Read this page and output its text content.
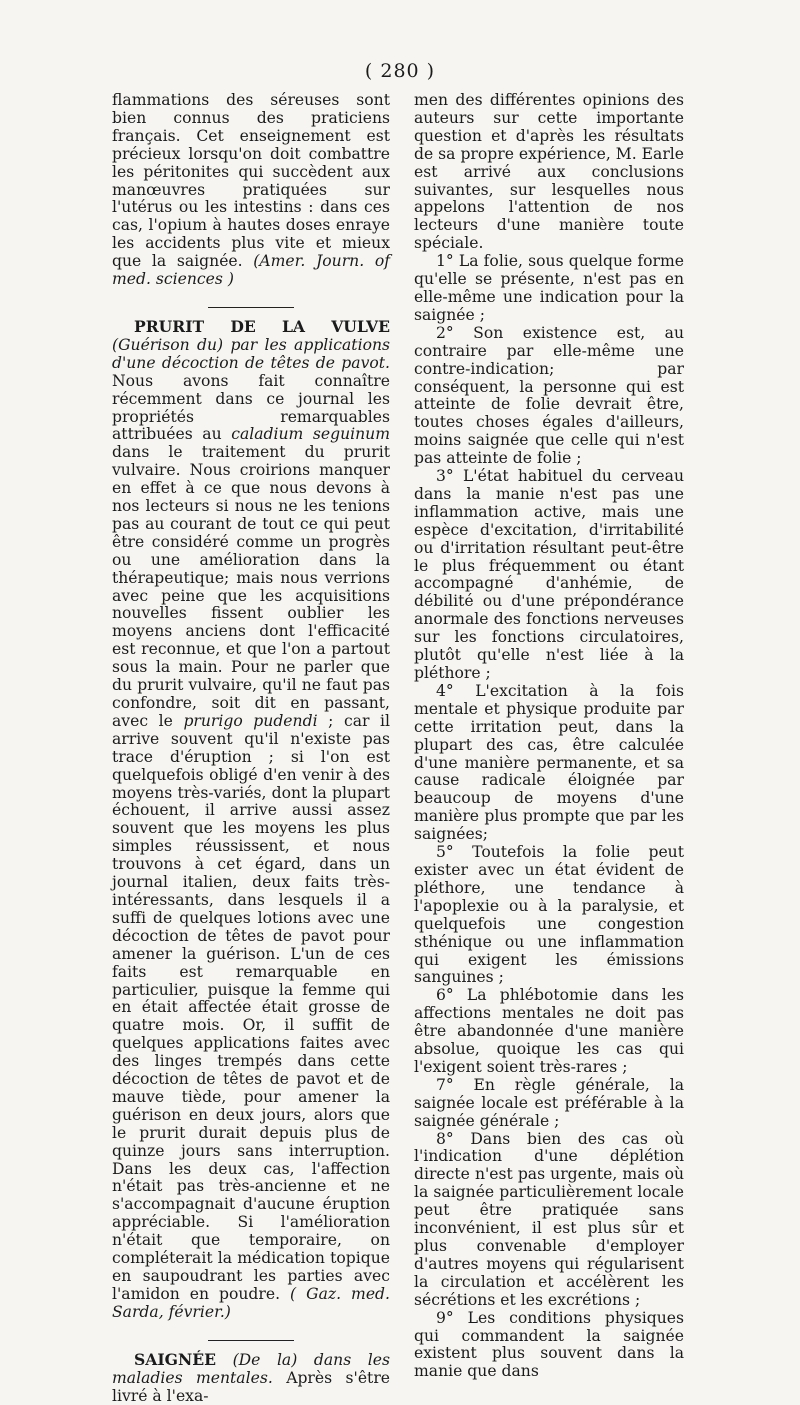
( 280 )

flammations des séreuses sont bien connus des praticiens français. Cet enseignement est précieux lorsqu'on doit combattre les péritonites qui succèdent aux manœuvres pratiquées sur l'utérus ou les intestins : dans ces cas, l'opium à hautes doses enraye les accidents plus vite et mieux que la saignée. (Amer. Journ. of med. sciences )

PRURIT DE LA VULVE (Guérison du) par les applications d'une décoction de têtes de pavot. Nous avons fait connaître récemment dans ce journal les propriétés remarquables attribuées au caladium seguinum dans le traitement du prurit vulvaire. Nous croirions manquer en effet à ce que nous devons à nos lecteurs si nous ne les tenions pas au courant de tout ce qui peut être considéré comme un progrès ou une amélioration dans la thérapeutique; mais nous verrions avec peine que les acquisitions nouvelles fissent oublier les moyens anciens dont l'efficacité est reconnue, et que l'on a partout sous la main. Pour ne parler que du prurit vulvaire, qu'il ne faut pas confondre, soit dit en passant, avec le prurigo pudendi ; car il arrive souvent qu'il n'existe pas trace d'éruption ; si l'on est quelquefois obligé d'en venir à des moyens très-variés, dont la plupart échouent, il arrive aussi assez souvent que les moyens les plus simples réussissent, et nous trouvons à cet égard, dans un journal italien, deux faits très-intéressants, dans lesquels il a suffi de quelques lotions avec une décoction de têtes de pavot pour amener la guérison. L'un de ces faits est remarquable en particulier, puisque la femme qui en était affectée était grosse de quatre mois. Or, il suffit de quelques applications faites avec des linges trempés dans cette décoction de têtes de pavot et de mauve tiède, pour amener la guérison en deux jours, alors que le prurit durait depuis plus de quinze jours sans interruption. Dans les deux cas, l'affection n'était pas très-ancienne et ne s'accompagnait d'aucune éruption appréciable. Si l'amélioration n'était que temporaire, on compléterait la médication topique en saupoudrant les parties avec l'amidon en poudre. ( Gaz. med. Sarda, février.)

SAIGNÉE (De la) dans les maladies mentales. Après s'être livré à l'exa-

men des différentes opinions des auteurs sur cette importante question et d'après les résultats de sa propre expérience, M. Earle est arrivé aux conclusions suivantes, sur lesquelles nous appelons l'attention de nos lecteurs d'une manière toute spéciale.

1° La folie, sous quelque forme qu'elle se présente, n'est pas en elle-même une indication pour la saignée ;

2° Son existence est, au contraire par elle-même une contre-indication; par conséquent, la personne qui est atteinte de folie devrait être, toutes choses égales d'ailleurs, moins saignée que celle qui n'est pas atteinte de folie ;

3° L'état habituel du cerveau dans la manie n'est pas une inflammation active, mais une espèce d'excitation, d'irritabilité ou d'irritation résultant peut-être le plus fréquemment ou étant accompagné d'anhémie, de débilité ou d'une prépondérance anormale des fonctions nerveuses sur les fonctions circulatoires, plutôt qu'elle n'est liée à la pléthore ;

4° L'excitation à la fois mentale et physique produite par cette irritation peut, dans la plupart des cas, être calculée d'une manière permanente, et sa cause radicale éloignée par beaucoup de moyens d'une manière plus prompte que par les saignées;

5° Toutefois la folie peut exister avec un état évident de pléthore, une tendance à l'apoplexie ou à la paralysie, et quelquefois une congestion sthénique ou une inflammation qui exigent les émissions sanguines ;

6° La phlébotomie dans les affections mentales ne doit pas être abandonnée d'une manière absolue, quoique les cas qui l'exigent soient très-rares ;

7° En règle générale, la saignée locale est préférable à la saignée générale ;

8° Dans bien des cas où l'indication d'une déplétion directe n'est pas urgente, mais où la saignée particulièrement locale peut être pratiquée sans inconvénient, il est plus sûr et plus convenable d'employer d'autres moyens qui régularisent la circulation et accélèrent les sécrétions et les excrétions ;

9° Les conditions physiques qui commandent la saignée existent plus souvent dans la manie que dans
